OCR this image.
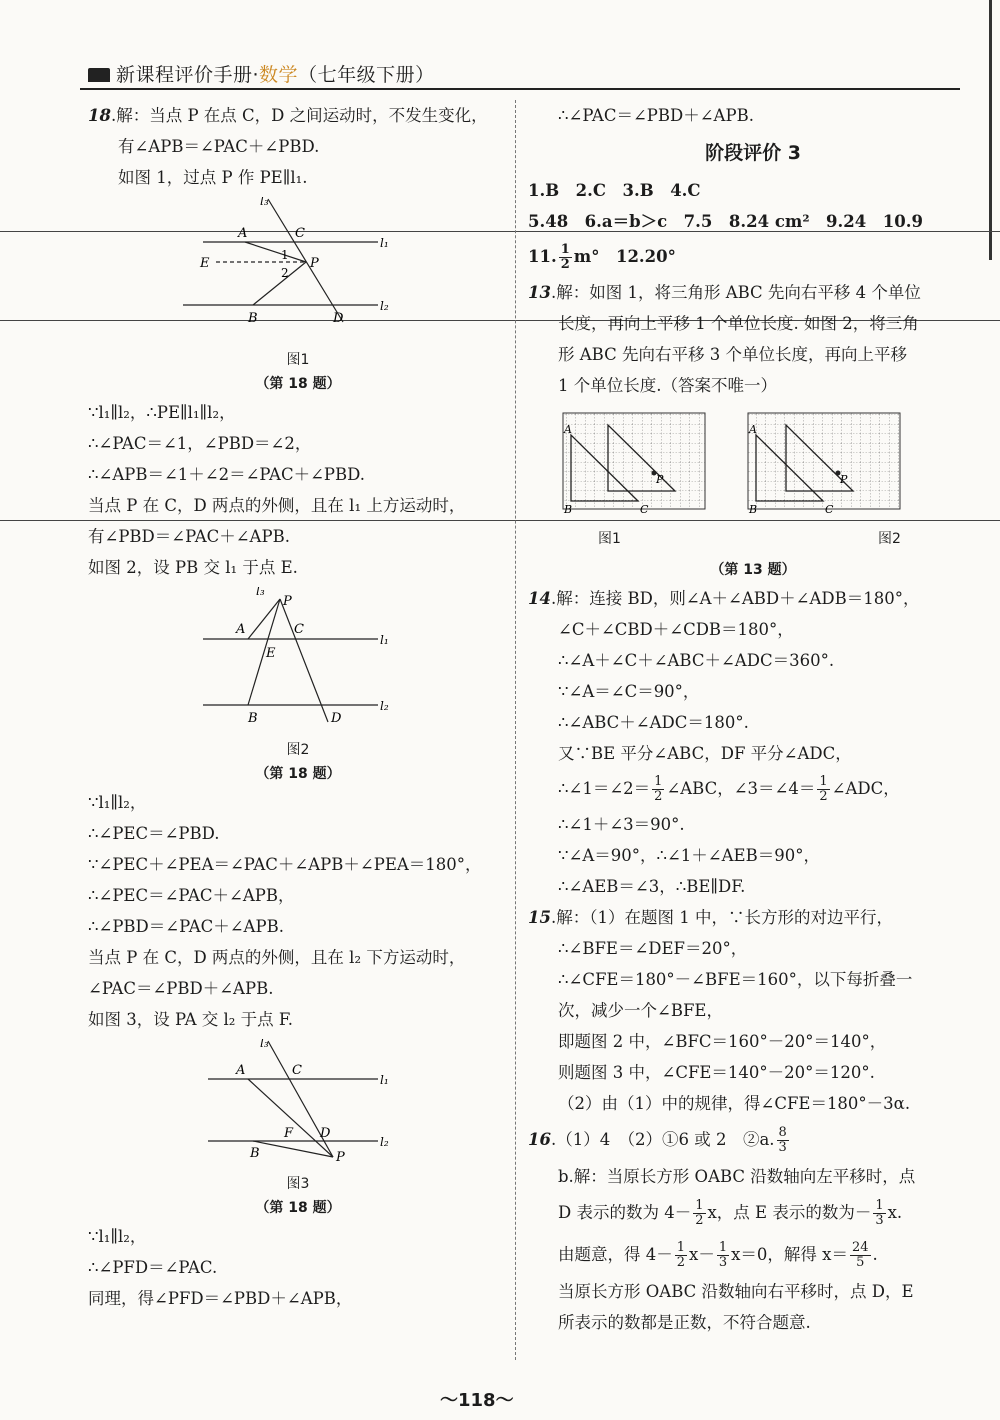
新课程评价手册·数学（七年级下册）
18.解：当点 P 在点 C，D 之间运动时，不发生变化，
有∠APB＝∠PAC＋∠PBD.
如图 1，过点 P 作 PE∥l₁.
l₃
A	C
l₁
E	P
1
2
l₂
B	D
图1
（第 18 题）
∵l₁∥l₂，∴PE∥l₁∥l₂，
∴∠PAC＝∠1，∠PBD＝∠2，
∴∠APB＝∠1＋∠2＝∠PAC＋∠PBD.
当点 P 在 C，D 两点的外侧，且在 l₁ 上方运动时，
有∠PBD＝∠PAC＋∠APB.
如图 2，设 PB 交 l₁ 于点 E.
l₃
P
A	C
l₁
E
l₂
B	D
图2
（第 18 题）
∵l₁∥l₂，
∴∠PEC＝∠PBD.
∵∠PEC＋∠PEA＝∠PAC＋∠APB＋∠PEA＝180°，
∴∠PEC＝∠PAC＋∠APB，
∴∠PBD＝∠PAC＋∠APB.
当点 P 在 C，D 两点的外侧，且在 l₂ 下方运动时，
∠PAC＝∠PBD＋∠APB.
如图 3，设 PA 交 l₂ 于点 F.
l₃
A	C
l₁
F D
l₂
B	P
图3
（第 18 题）
∵l₁∥l₂，
∴∠PFD＝∠PAC.
同理，得∠PFD＝∠PBD＋∠APB，
∴∠PAC＝∠PBD＋∠APB.
阶段评价 3
1.B　2.C　3.B　4.C
5.48　6.a＝b＞c　7.5　8.24 cm²　9.24　10.9
11. $\frac{1}{2} m^\circ$　12.20°
13.解：如图 1，将三角形 ABC 先向右平移 4 个单位
长度，再向上平移 1 个单位长度. 如图 2，将三角
形 ABC 先向右平移 3 个单位长度，再向上平移
1 个单位长度.（答案不唯一）
A
B	C
P
A
B	C
P
图1	图2
（第 13 题）
14.解：连接 BD，则∠A＋∠ABD＋∠ADB＝180°，
∠C＋∠CBD＋∠CDB＝180°，
∴∠A＋∠C＋∠ABC＋∠ADC＝360°.
∵∠A＝∠C＝90°，
∴∠ABC＋∠ADC＝180°.
又∵BE 平分∠ABC，DF 平分∠ADC，
∴∠1＝∠2＝ $\frac{1}{2}$ ∠ABC，∠3＝∠4＝ $\frac{1}{2}$ ∠ADC，
∴∠1＋∠3＝90°.
∵∠A＝90°，∴∠1＋∠AEB＝90°，
∴∠AEB＝∠3，∴BE∥DF.
15.解：（1）在题图 1 中，∵长方形的对边平行，
∴∠BFE＝∠DEF＝20°，
∴∠CFE＝180°－∠BFE＝160°，以下每折叠一
次，减少一个∠BFE，
即题图 2 中，∠BFC＝160°－20°＝140°，
则题图 3 中，∠CFE＝140°－20°＝120°.
（2）由（1）中的规律，得∠CFE＝180°－3α.
16.（1）4　（2）①6 或 2　②a. $\frac{8}{3}$
b.解：当原长方形 OABC 沿数轴向左平移时，点
D 表示的数为 $4- \frac{1}{2}$ x，点 E 表示的数为－ $\frac{1}{3} x$.
由题意，得 $4- \frac{1}{2} x- \frac{1}{3} x=0$，解得 $x= \frac{24}{5}$ .
当原长方形 OABC 沿数轴向右平移时，点 D，E
所表示的数都是正数，不符合题意.
〜118〜
